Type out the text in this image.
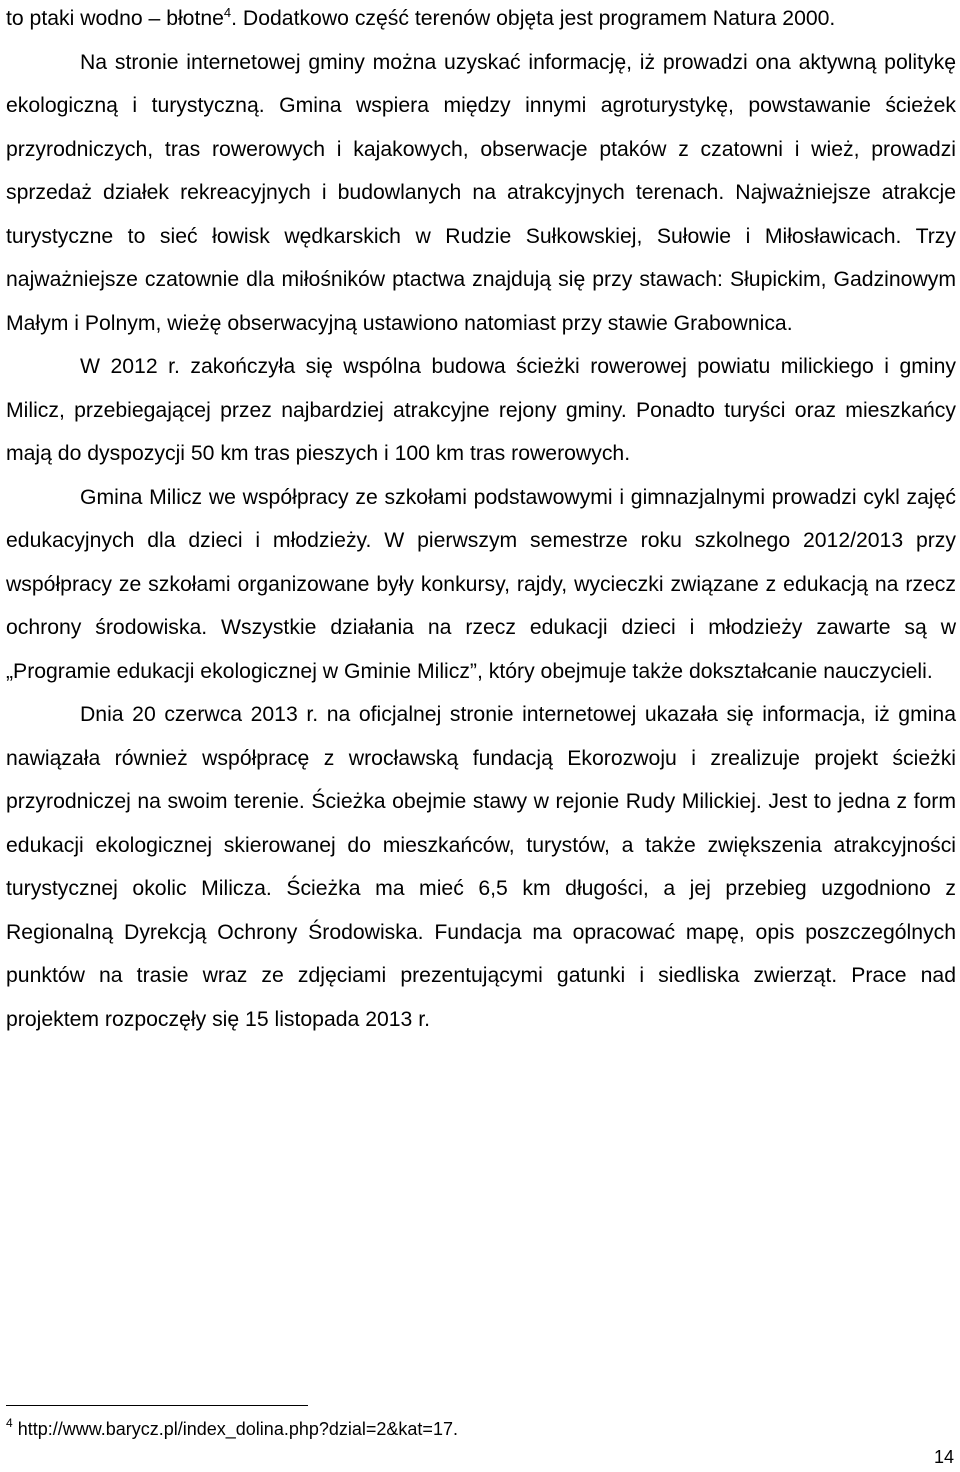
to ptaki wodno – błotne$^4$. Dodatkowo część terenów objęta jest programem Natura 2000.

Na stronie internetowej gminy można uzyskać informację, iż prowadzi ona aktywną politykę ekologiczną i turystyczną. Gmina wspiera między innymi agroturystykę, powstawanie ścieżek przyrodniczych, tras rowerowych i kajakowych, obserwacje ptaków z czatowni i wież, prowadzi sprzedaż działek rekreacyjnych i budowlanych na atrakcyjnych terenach. Najważniejsze atrakcje turystyczne to sieć łowisk wędkarskich w Rudzie Sułkowskiej, Sułowie i Miłosławicach. Trzy najważniejsze czatownie dla miłośników ptactwa znajdują się przy stawach: Słupickim, Gadzinowym Małym i Polnym, wieżę obserwacyjną ustawiono natomiast przy stawie Grabownica.

W 2012 r. zakończyła się wspólna budowa ścieżki rowerowej powiatu milickiego i gminy Milicz, przebiegającej przez najbardziej atrakcyjne rejony gminy. Ponadto turyści oraz mieszkańcy mają do dyspozycji 50 km tras pieszych i 100 km tras rowerowych.

Gmina Milicz we współpracy ze szkołami podstawowymi i gimnazjalnymi prowadzi cykl zajęć edukacyjnych dla dzieci i młodzieży. W pierwszym semestrze roku szkolnego 2012/2013 przy współpracy ze szkołami organizowane były konkursy, rajdy, wycieczki związane z edukacją na rzecz ochrony środowiska. Wszystkie działania na rzecz edukacji dzieci i młodzieży zawarte są w „Programie edukacji ekologicznej w Gminie Milicz”, który obejmuje także dokształcanie nauczycieli.

Dnia 20 czerwca 2013 r. na oficjalnej stronie internetowej ukazała się informacja, iż gmina nawiązała również współpracę z wrocławską fundacją Ekorozwoju i zrealizuje projekt ścieżki przyrodniczej na swoim terenie. Ścieżka obejmie stawy w rejonie Rudy Milickiej. Jest to jedna z form edukacji ekologicznej skierowanej do mieszkańców, turystów, a także zwiększenia atrakcyjności turystycznej okolic Milicza. Ścieżka ma mieć 6,5 km długości, a jej przebieg uzgodniono z Regionalną Dyrekcją Ochrony Środowiska. Fundacja ma opracować mapę, opis poszczególnych punktów na trasie wraz ze zdjęciami prezentującymi gatunki i siedliska zwierząt. Prace nad projektem rozpoczęły się 15 listopada 2013 r.

$^4$ http://www.barycz.pl/index_dolina.php?dzial=2&kat=17.
14
